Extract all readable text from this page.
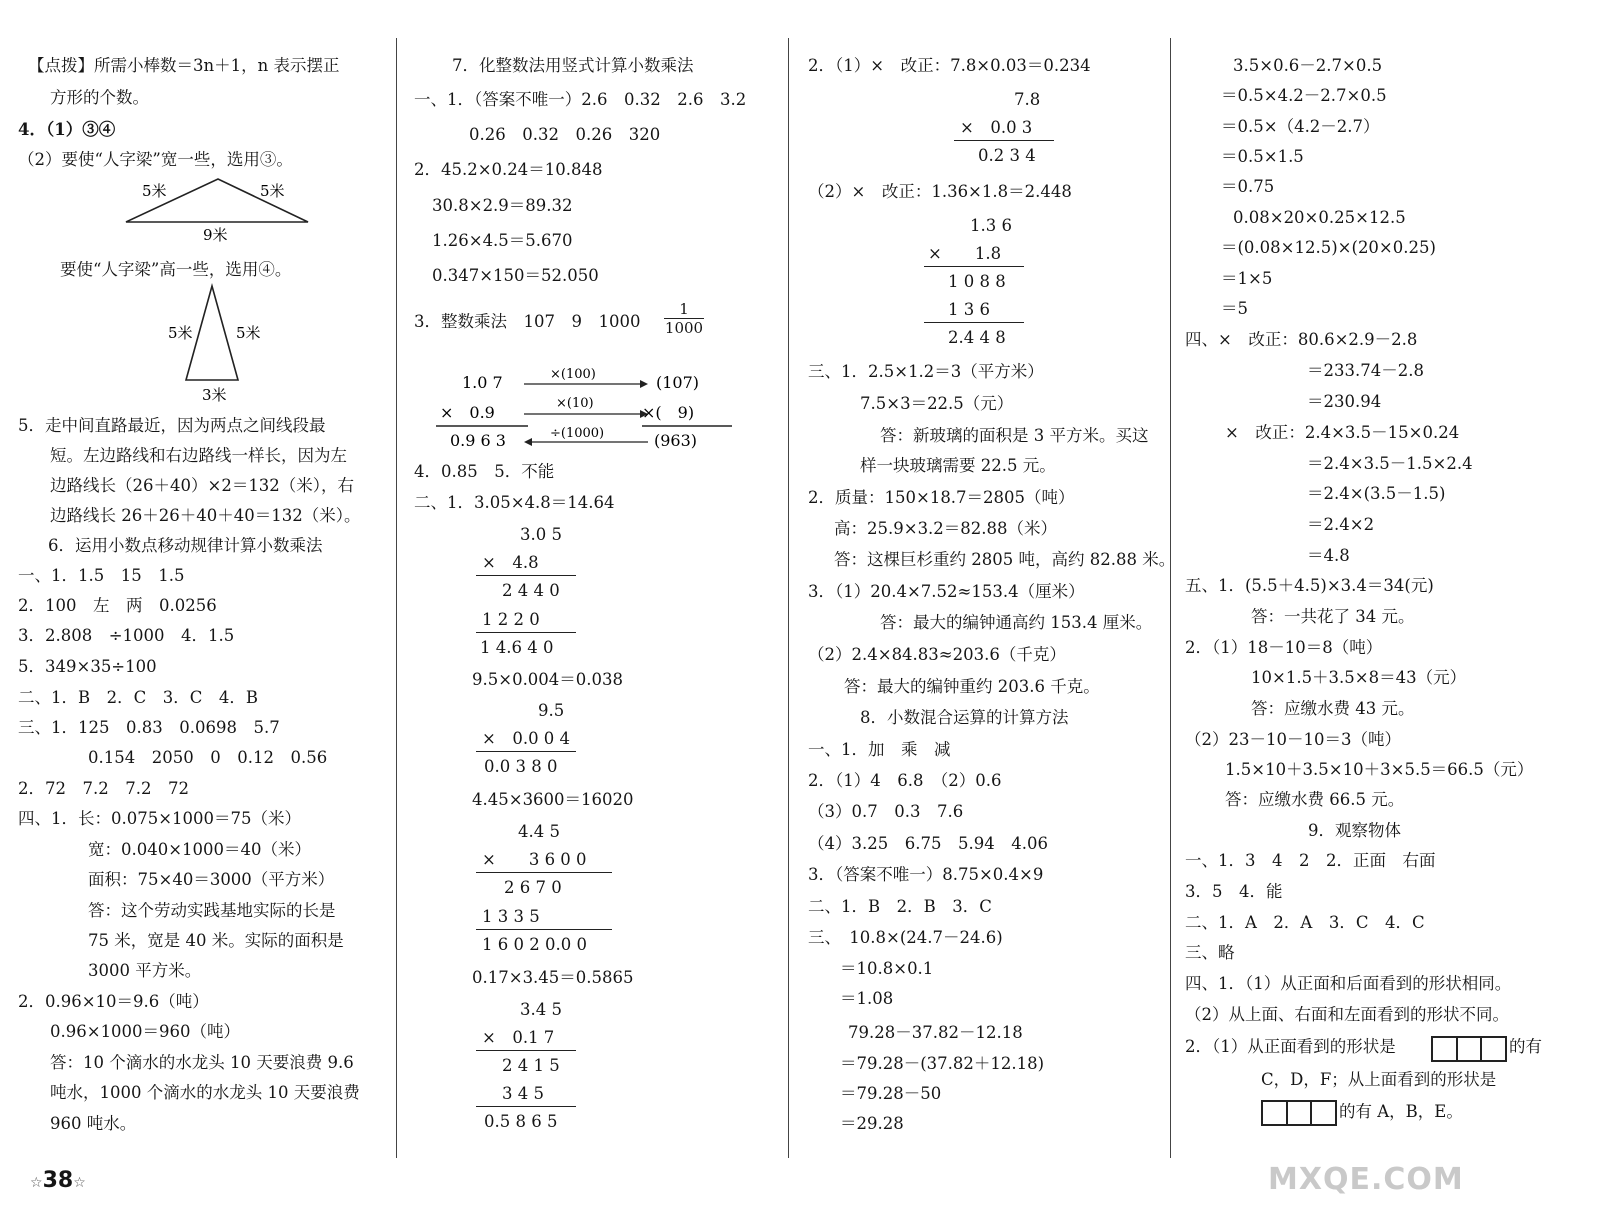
【点拨】所需小棒数＝3n＋1，n 表示摆正
方形的个数。
4．（1）③④
（2）要使“人字梁”宽一些，选用③。
5米	5米
9米
要使“人字梁”高一些，选用④。
5米	5米
3米
5．走中间直路最近，因为两点之间线段最
短。左边路线和右边路线一样长，因为左
边路线长（26＋40）×2＝132（米），右
边路线长 26＋26＋40＋40＝132（米）。
6．运用小数点移动规律计算小数乘法
一、1．1.5　15　1.5
2．100　左　两　0.0256
3．2.808　÷1000　4．1.5
5．349×35÷100
二、1．B　2．C　3．C　4．B
三、1．125　0.83　0.0698　5.7
0.154　2050　0　0.12　0.56
2．72　7.2　7.2　72
四、1．长：0.075×1000＝75（米）
宽：0.040×1000＝40（米）
面积：75×40＝3000（平方米）
答：这个劳动实践基地实际的长是
75 米，宽是 40 米。实际的面积是
3000 平方米。
2．0.96×10＝9.6（吨）
0.96×1000＝960（吨）
答：10 个滴水的水龙头 10 天要浪费 9.6
吨水，1000 个滴水的水龙头 10 天要浪费
960 吨水。
7．化整数法用竖式计算小数乘法
一、1．（答案不唯一）2.6　0.32　2.6　3.2
0.26　0.32　0.26　320
2．45.2×0.24＝10.848
30.8×2.9＝89.32
1.26×4.5＝5.670
0.347×150＝52.050
3．整数乘法　107　9　$1000 \frac{1}{1000}$
1.0 7
×　0.9
0.9 6 3
×(100)
×(10)
÷(1000)
(107)
×(　9)
(963)
4．0.85　5．不能
二、1．3.05×4.8＝14.64
3.0 5
×　4.8
2 4 4 0
1 2 2 0
1 4.6 4 0
9.5×0.004＝0.038
9.5
×　0.0 0 4
0.0 3 8 0
4.45×3600＝16020
4.4 5
×　　3 6 0 0
2 6 7 0
1 3 3 5
1 6 0 2 0.0 0
0.17×3.45＝0.5865
3.4 5
×　0.1 7
2 4 1 5
3 4 5
0.5 8 6 5
2．（1）×　改正：7.8×0.03＝0.234
7.8
×　0.0 3
0.2 3 4
（2）×　改正：1.36×1.8＝2.448
1.3 6
×　　1.8
1 0 8 8
1 3 6
2.4 4 8
三、1．2.5×1.2＝3（平方米）
7.5×3＝22.5（元）
答：新玻璃的面积是 3 平方米。买这
样一块玻璃需要 22.5 元。
2．质量：150×18.7＝2805（吨）
高：25.9×3.2＝82.88（米）
答：这棵巨杉重约 2805 吨，高约 82.88 米。
3．（1）20.4×7.52≈153.4（厘米）
答：最大的编钟通高约 153.4 厘米。
（2）2.4×84.83≈203.6（千克）
答：最大的编钟重约 203.6 千克。
8．小数混合运算的计算方法
一、1．加　乘　减
2．（1）4　6.8　（2）0.6
（3）0.7　0.3　7.6
（4）3.25　6.75　5.94　4.06
3．（答案不唯一）8.75×0.4×9
二、1．B　2．B　3．C
三、　10.8×(24.7－24.6)
＝10.8×0.1
＝1.08
79.28－37.82－12.18
＝79.28－(37.82＋12.18)
＝79.28－50
＝29.28
3.5×0.6－2.7×0.5
＝0.5×4.2－2.7×0.5
＝0.5×（4.2－2.7）
＝0.5×1.5
＝0.75
0.08×20×0.25×12.5
＝(0.08×12.5)×(20×0.25)
＝1×5
＝5
四、×　改正：80.6×2.9－2.8
＝233.74－2.8
＝230.94
×　改正：2.4×3.5－15×0.24
＝2.4×3.5－1.5×2.4
＝2.4×(3.5－1.5)
＝2.4×2
＝4.8
五、1．(5.5＋4.5)×3.4＝34(元)
答：一共花了 34 元。
2．（1）18－10＝8（吨）
10×1.5＋3.5×8＝43（元）
答：应缴水费 43 元。
（2）23－10－10＝3（吨）
1.5×10＋3.5×10＋3×5.5＝66.5（元）
答：应缴水费 66.5 元。
9．观察物体
一、1．3　4　2　2．正面　右面
3．5　4．能
二、1．A　2．A　3．C　4．C
三、略
四、1．（1）从正面和后面看到的形状相同。
（2）从上面、右面和左面看到的形状不同。
2．（1）从正面看到的形状是	的有
C，D，F；从上面看到的形状是
的有 A，B，E。
☆38☆	MXQE.COM
